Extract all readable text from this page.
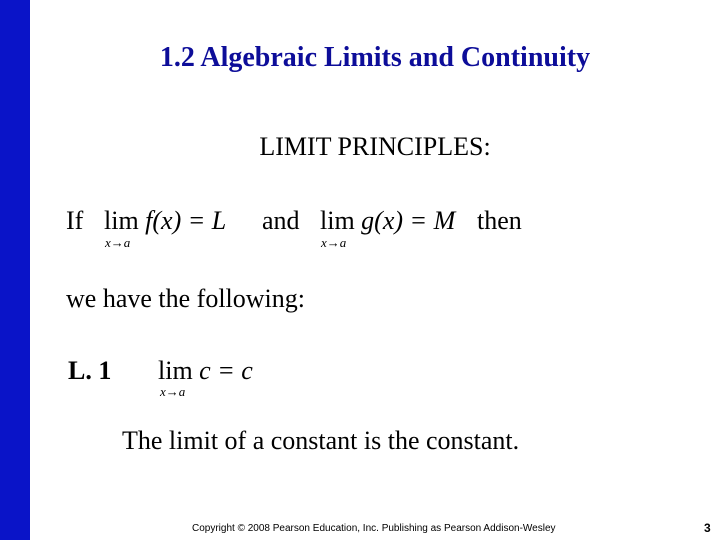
1.2 Algebraic Limits and Continuity
LIMIT PRINCIPLES:
If lim f(x) = L
x→a
and lim g(x) = M
x→a
then
we have the following:
L. 1 lim c = c
x→a
The limit of a constant is the constant.
Copyright © 2008 Pearson Education, Inc. Publishing as Pearson Addison-Wesley	3
